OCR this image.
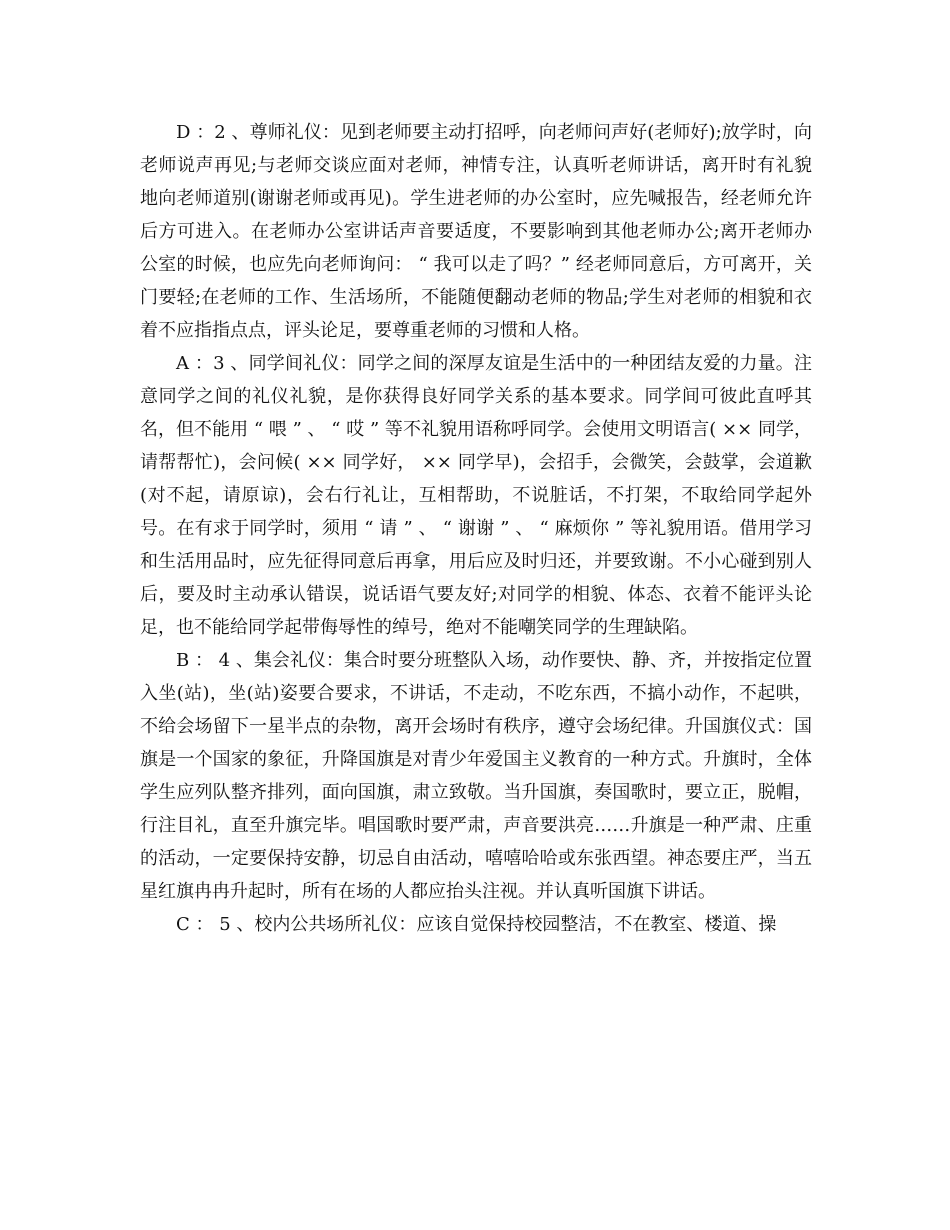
D ：2 、尊师礼仪：见到老师要主动打招呼，向老师问声好(老师好);放学时，向老师说声再见;与老师交谈应面对老师，神情专注，认真听老师讲话，离开时有礼貌地向老师道别(谢谢老师或再见)。学生进老师的办公室时，应先喊报告，经老师允许后方可进入。在老师办公室讲话声音要适度，不要影响到其他老师办公;离开老师办公室的时候，也应先向老师询问： “ 我可以走了吗？” 经老师同意后，方可离开，关门要轻;在老师的工作、生活场所，不能随便翻动老师的物品;学生对老师的相貌和衣着不应指指点点，评头论足，要尊重老师的习惯和人格。

A ：3 、同学间礼仪：同学之间的深厚友谊是生活中的一种团结友爱的力量。注意同学之间的礼仪礼貌，是你获得良好同学关系的基本要求。同学间可彼此直呼其名，但不能用 “ 喂 ” 、 “ 哎 ” 等不礼貌用语称呼同学。会使用文明语言( ×× 同学，请帮帮忙)，会问候( ×× 同学好， ×× 同学早)，会招手，会微笑，会鼓掌，会道歉(对不起，请原谅)，会右行礼让，互相帮助，不说脏话，不打架，不取给同学起外号。在有求于同学时，须用 “ 请 ” 、 “ 谢谢 ” 、 “ 麻烦你 ” 等礼貌用语。借用学习和生活用品时，应先征得同意后再拿，用后应及时归还，并要致谢。不小心碰到别人后，要及时主动承认错误，说话语气要友好;对同学的相貌、体态、衣着不能评头论足，也不能给同学起带侮辱性的绰号，绝对不能嘲笑同学的生理缺陷。

B ： 4 、集会礼仪：集合时要分班整队入场，动作要快、静、齐，并按指定位置入坐(站)，坐(站)姿要合要求，不讲话，不走动，不吃东西，不搞小动作，不起哄，不给会场留下一星半点的杂物，离开会场时有秩序，遵守会场纪律。升国旗仪式：国旗是一个国家的象征，升降国旗是对青少年爱国主义教育的一种方式。升旗时，全体学生应列队整齐排列，面向国旗，肃立致敬。当升国旗，奏国歌时，要立正，脱帽，行注目礼，直至升旗完毕。唱国歌时要严肃，声音要洪亮……升旗是一种严肃、庄重的活动，一定要保持安静，切忌自由活动，嘻嘻哈哈或东张西望。神态要庄严，当五星红旗冉冉升起时，所有在场的人都应抬头注视。并认真听国旗下讲话。

C ： 5 、校内公共场所礼仪：应该自觉保持校园整洁，不在教室、楼道、操
